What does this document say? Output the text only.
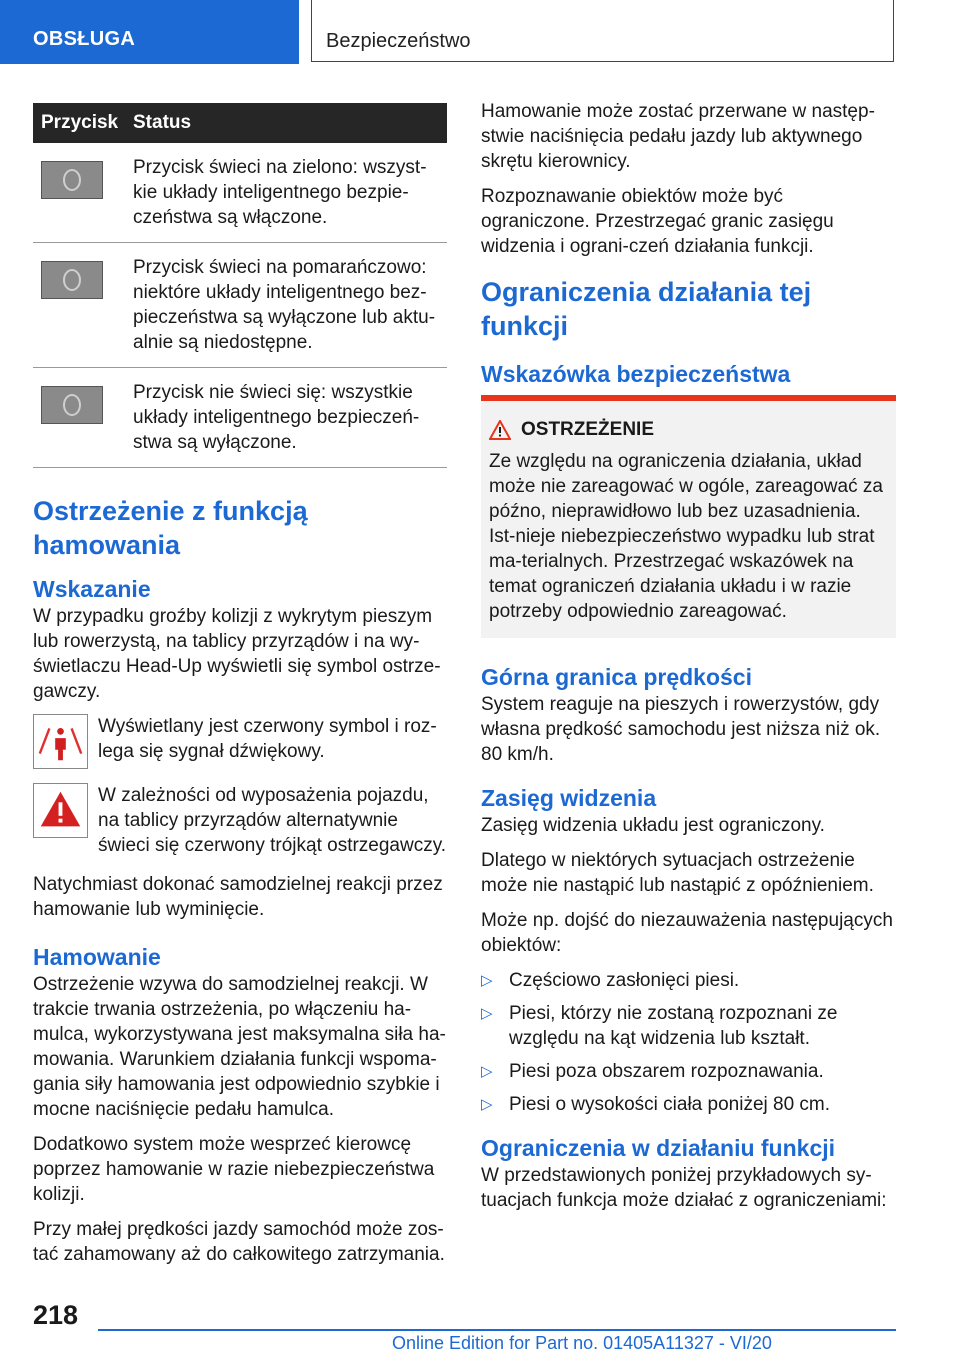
OBSŁUGA	Bezpieczeństwo
Przycisk	Status

	Przycisk świeci na zielono: wszyst-kie układy inteligentnego bezpie-czeństwa są włączone.

	Przycisk świeci na pomarańczowo: niektóre układy inteligentnego bez-pieczeństwa są wyłączone lub aktu-alnie są niedostępne.

	Przycisk nie świeci się: wszystkie układy inteligentnego bezpieczeń-stwa są wyłączone.
Ostrzeżenie z funkcją hamowania
Wskazanie

W przypadku groźby kolizji z wykrytym pieszym lub rowerzystą, na tablicy przyrządów i na wy-świetlaczu Head-Up wyświetli się symbol ostrze-gawczy.

Wyświetlany jest czerwony symbol i roz-lega się sygnał dźwiękowy.
W zależności od wyposażenia pojazdu, na tablicy przyrządów alternatywnie świeci się czerwony trójkąt ostrzegawczy.

Natychmiast dokonać samodzielnej reakcji przez hamowanie lub wyminięcie.

Hamowanie

Ostrzeżenie wzywa do samodzielnej reakcji. W trakcie trwania ostrzeżenia, po włączeniu ha-mulca, wykorzystywana jest maksymalna siła ha-mowania. Warunkiem działania funkcji wspoma-gania siły hamowania jest odpowiednio szybkie i mocne naciśnięcie pedału hamulca.

Dodatkowo system może wesprzeć kierowcę poprzez hamowanie w razie niebezpieczeństwa kolizji.

Przy małej prędkości jazdy samochód może zos-tać zahamowany aż do całkowitego zatrzymania.

Hamowanie może zostać przerwane w następ-stwie naciśnięcia pedału jazdy lub aktywnego skrętu kierownicy.

Rozpoznawanie obiektów może być ograniczone. Przestrzegać granic zasięgu widzenia i ograni-czeń działania funkcji.

Ograniczenia działania tej funkcji
Wskazówka bezpieczeństwa
OSTRZEŻENIE

Ze względu na ograniczenia działania, układ może nie zareagować w ogóle, zareagować za późno, nieprawidłowo lub bez uzasadnienia. Ist-nieje niebezpieczeństwo wypadku lub strat ma-terialnych. Przestrzegać wskazówek na temat ograniczeń działania układu i w razie potrzeby odpowiednio zareagować.

Górna granica prędkości

System reaguje na pieszych i rowerzystów, gdy własna prędkość samochodu jest niższa niż ok. 80 km/h.

Zasięg widzenia

Zasięg widzenia układu jest ograniczony.

Dlatego w niektórych sytuacjach ostrzeżenie może nie nastąpić lub nastąpić z opóźnieniem.

Może np. dojść do niezauważenia następujących obiektów:

▷ Częściowo zasłonięci piesi.
▷ Piesi, którzy nie zostaną rozpoznani ze względu na kąt widzenia lub kształt.
▷ Piesi poza obszarem rozpoznawania.
▷ Piesi o wysokości ciała poniżej 80 cm.
Ograniczenia w działaniu funkcji

W przedstawionych poniżej przykładowych sy-tuacjach funkcja może działać z ograniczeniami:

218
Online Edition for Part no. 01405A11327 - VI/20
